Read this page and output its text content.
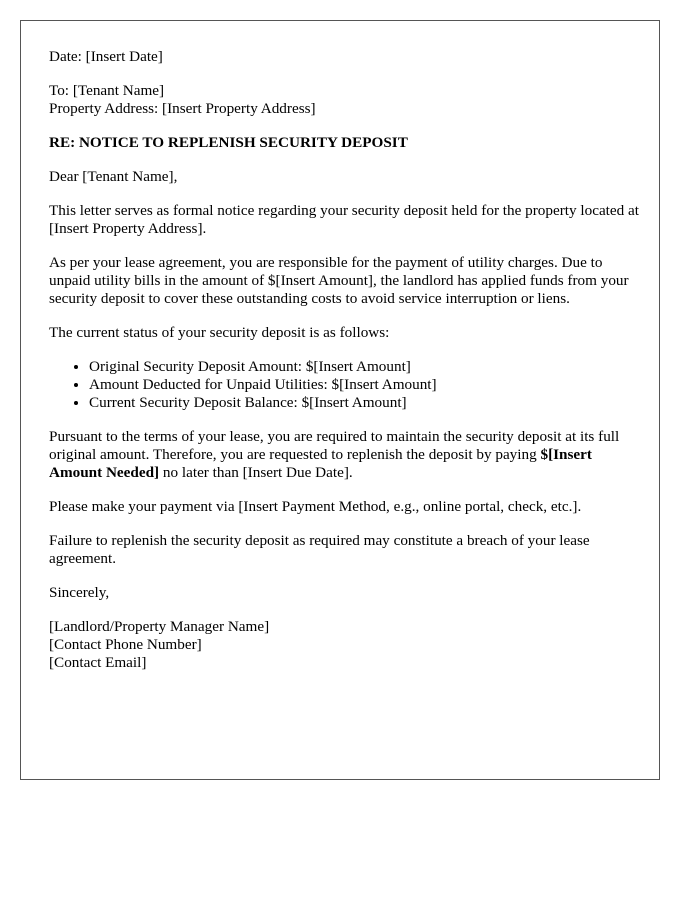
Date: [Insert Date]

To: [Tenant Name]
Property Address: [Insert Property Address]

RE: NOTICE TO REPLENISH SECURITY DEPOSIT

Dear [Tenant Name],

This letter serves as formal notice regarding your security deposit held for the property located at [Insert Property Address].

As per your lease agreement, you are responsible for the payment of utility charges. Due to unpaid utility bills in the amount of $[Insert Amount], the landlord has applied funds from your security deposit to cover these outstanding costs to avoid service interruption or liens.

The current status of your security deposit is as follows:

• Original Security Deposit Amount: $[Insert Amount]
• Amount Deducted for Unpaid Utilities: $[Insert Amount]
• Current Security Deposit Balance: $[Insert Amount]

Pursuant to the terms of your lease, you are required to maintain the security deposit at its full original amount. Therefore, you are requested to replenish the deposit by paying $[Insert Amount Needed] no later than [Insert Due Date].

Please make your payment via [Insert Payment Method, e.g., online portal, check, etc.].

Failure to replenish the security deposit as required may constitute a breach of your lease agreement.

Sincerely,

[Landlord/Property Manager Name]
[Contact Phone Number]
[Contact Email]
